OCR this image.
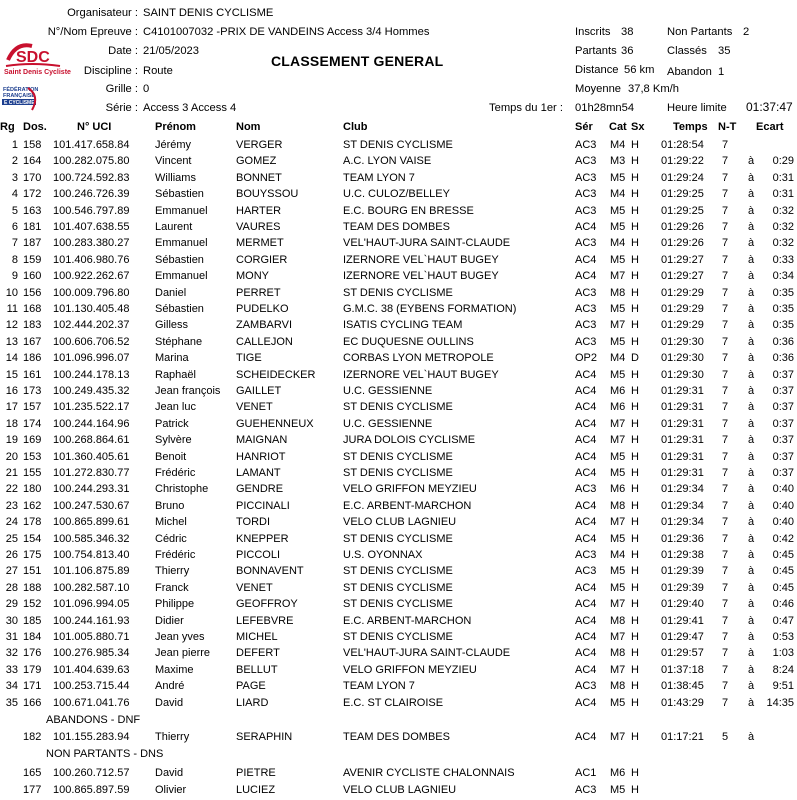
SDC
Saint Denis Cycliste
FÉDÉRATION
FRANÇAISE
E CYCLISME
Organisateur : SAINT DENIS CYCLISME
N°/Nom Epreuve : C4101007032 -PRIX DE VANDEINS Access 3/4 Hommes
Date : 21/05/2023
CLASSEMENT GENERAL
Discipline : Route
Grille : 0
Série : Access 3 Access 4
Inscrits 38	Non Partants 2
Partants 36	Classés 35
Distance 56 km Abandon 1
Moyenne 37,8 Km/h
Temps du 1er : 01h28mn54	Heure limite 01:37:47
Rg Dos.	N° UCI	Prénom	Nom	Club	Sér Cat Sx	Temps N-T Ecart
1 158 101.417.658.84 Jérémy	VERGER	ST DENIS CYCLISME	AC3 M4 H 01:28:54 7
2 164 100.282.075.80 Vincent	GOMEZ	A.C. LYON VAISE	AC3 M3 H 01:29:22 7 à	0:29
3 170 100.724.592.83 Williams	BONNET	TEAM LYON 7	AC3 M5 H 01:29:24 7 à	0:31
4 172 100.246.726.39 Sébastien	BOUYSSOU	U.C. CULOZ/BELLEY	AC3 M4 H 01:29:25 7 à	0:31
5 163 100.546.797.89 Emmanuel	HARTER	E.C. BOURG EN BRESSE	AC3 M5 H 01:29:25 7 à	0:32
6 181 101.407.638.55 Laurent	VAURES	TEAM DES DOMBES	AC4 M5 H 01:29:26 7 à	0:32
7 187 100.283.380.27 Emmanuel	MERMET	VEL'HAUT-JURA SAINT-CLAUDE	AC3 M4 H 01:29:26 7 à	0:32
8 159 101.406.980.76 Sébastien	CORGIER	IZERNORE VEL`HAUT BUGEY	AC4 M5 H 01:29:27 7 à	0:33
9 160 100.922.262.67 Emmanuel	MONY	IZERNORE VEL`HAUT BUGEY	AC4 M7 H 01:29:27 7 à	0:34
10 156 100.009.796.80 Daniel	PERRET	ST DENIS CYCLISME	AC3 M8 H 01:29:29 7 à	0:35
11 168 101.130.405.48 Sébastien	PUDELKO	G.M.C. 38 (EYBENS FORMATION)	AC3 M5 H 01:29:29 7 à	0:35
12 183 102.444.202.37 Gilless	ZAMBARVI	ISATIS CYCLING TEAM	AC3 M7 H 01:29:29 7 à	0:35
13 167 100.606.706.52 Stéphane	CALLEJON	EC DUQUESNE OULLINS	AC3 M5 H 01:29:30 7 à	0:36
14 186 101.096.996.07 Marina	TIGE	CORBAS LYON METROPOLE	OP2 M4 D 01:29:30 7 à	0:36
15 161 100.244.178.13 Raphaël	SCHEIDECKER	IZERNORE VEL`HAUT BUGEY	AC4 M5 H 01:29:30 7 à	0:37
16 173 100.249.435.32 Jean françois GAILLET	U.C. GESSIENNE	AC4 M6 H 01:29:31 7 à	0:37
17 157 101.235.522.17 Jean luc	VENET	ST DENIS CYCLISME	AC4 M6 H 01:29:31 7 à	0:37
18 174 100.244.164.96 Patrick	GUEHENNEUX	U.C. GESSIENNE	AC4 M7 H 01:29:31 7 à	0:37
19 169 100.268.864.61 Sylvère	MAIGNAN	JURA DOLOIS CYCLISME	AC4 M7 H 01:29:31 7 à	0:37
20 153 101.360.405.61 Benoit	HANRIOT	ST DENIS CYCLISME	AC4 M5 H 01:29:31 7 à	0:37
21 155 101.272.830.77 Frédéric	LAMANT	ST DENIS CYCLISME	AC4 M5 H 01:29:31 7 à	0:37
22 180 100.244.293.31 Christophe	GENDRE	VELO GRIFFON MEYZIEU	AC3 M6 H 01:29:34 7 à	0:40
23 162 100.247.530.67 Bruno	PICCINALI	E.C. ARBENT-MARCHON	AC4 M8 H 01:29:34 7 à	0:40
24 178 100.865.899.61 Michel	TORDI	VELO CLUB LAGNIEU	AC4 M7 H 01:29:34 7 à	0:40
25 154 100.585.346.32 Cédric	KNEPPER	ST DENIS CYCLISME	AC4 M5 H 01:29:36 7 à	0:42
26 175 100.754.813.40 Frédéric	PICCOLI	U.S. OYONNAX	AC3 M4 H 01:29:38 7 à	0:45
27 151 101.106.875.89 Thierry	BONNAVENT	ST DENIS CYCLISME	AC3 M5 H 01:29:39 7 à	0:45
28 188 100.282.587.10 Franck	VENET	ST DENIS CYCLISME	AC4 M5 H 01:29:39 7 à	0:45
29 152 101.096.994.05 Philippe	GEOFFROY	ST DENIS CYCLISME	AC4 M7 H 01:29:40 7 à	0:46
30 185 100.244.161.93 Didier	LEFEBVRE	E.C. ARBENT-MARCHON	AC4 M8 H 01:29:41 7 à	0:47
31 184 101.005.880.71 Jean yves	MICHEL	ST DENIS CYCLISME	AC4 M7 H 01:29:47 7 à	0:53
32 176 100.276.985.34 Jean pierre DEFERT	VEL'HAUT-JURA SAINT-CLAUDE	AC4 M8 H 01:29:57 7 à	1:03
33 179 101.404.639.63 Maxime	BELLUT	VELO GRIFFON MEYZIEU	AC4 M7 H 01:37:18 7 à	8:24
34 171 100.253.715.44 André	PAGE	TEAM LYON 7	AC3 M8 H 01:38:45 7 à	9:51
35 166 100.671.041.76 David	LIARD	E.C. ST CLAIROISE	AC4 M5 H 01:43:29 7 à	14:35
ABANDONS - DNF
182 101.155.283.94 Thierry	SERAPHIN	TEAM DES DOMBES	AC4 M7 H 01:17:21 5 à
NON PARTANTS - DNS
165 100.260.712.57 David	PIETRE	AVENIR CYCLISTE CHALONNAIS	AC1 M6 H
177 100.865.897.59 Olivier	LUCIEZ	VELO CLUB LAGNIEU	AC3 M5 H
